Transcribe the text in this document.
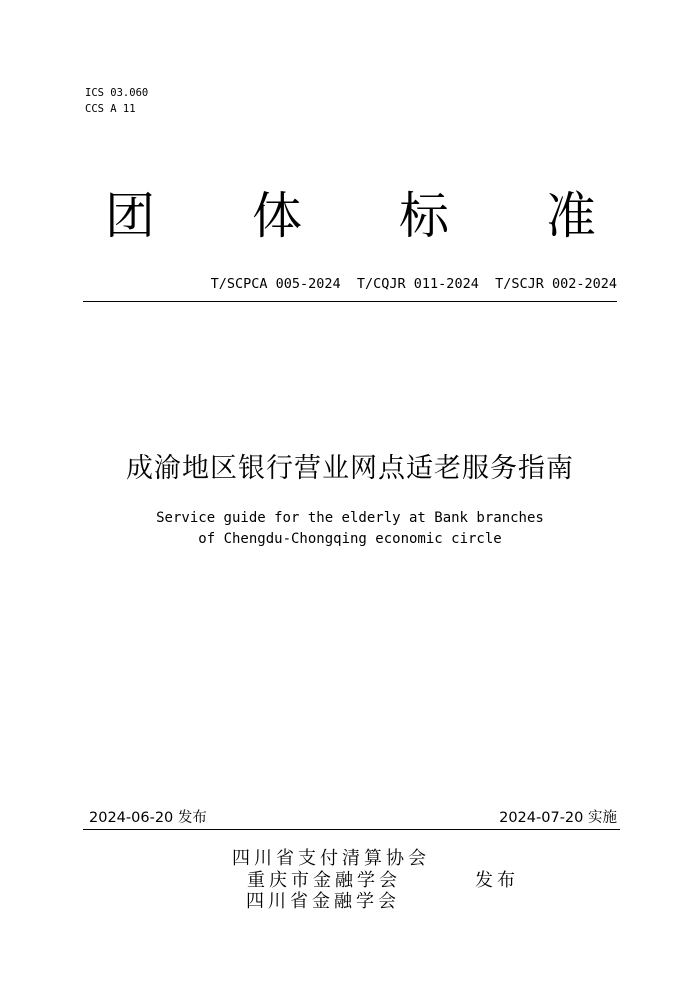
ICS 03.060
CCS A 11
团 体 标 准
T/SCPCA 005-2024  T/CQJR 011-2024  T/SCJR 002-2024
成渝地区银行营业网点适老服务指南
Service guide for the elderly at Bank branches
of Chengdu-Chongqing economic circle
2024-06-20 发布	2024-07-20 实施
四川省支付清算协会
重庆市金融学会
四川省金融学会
发布
